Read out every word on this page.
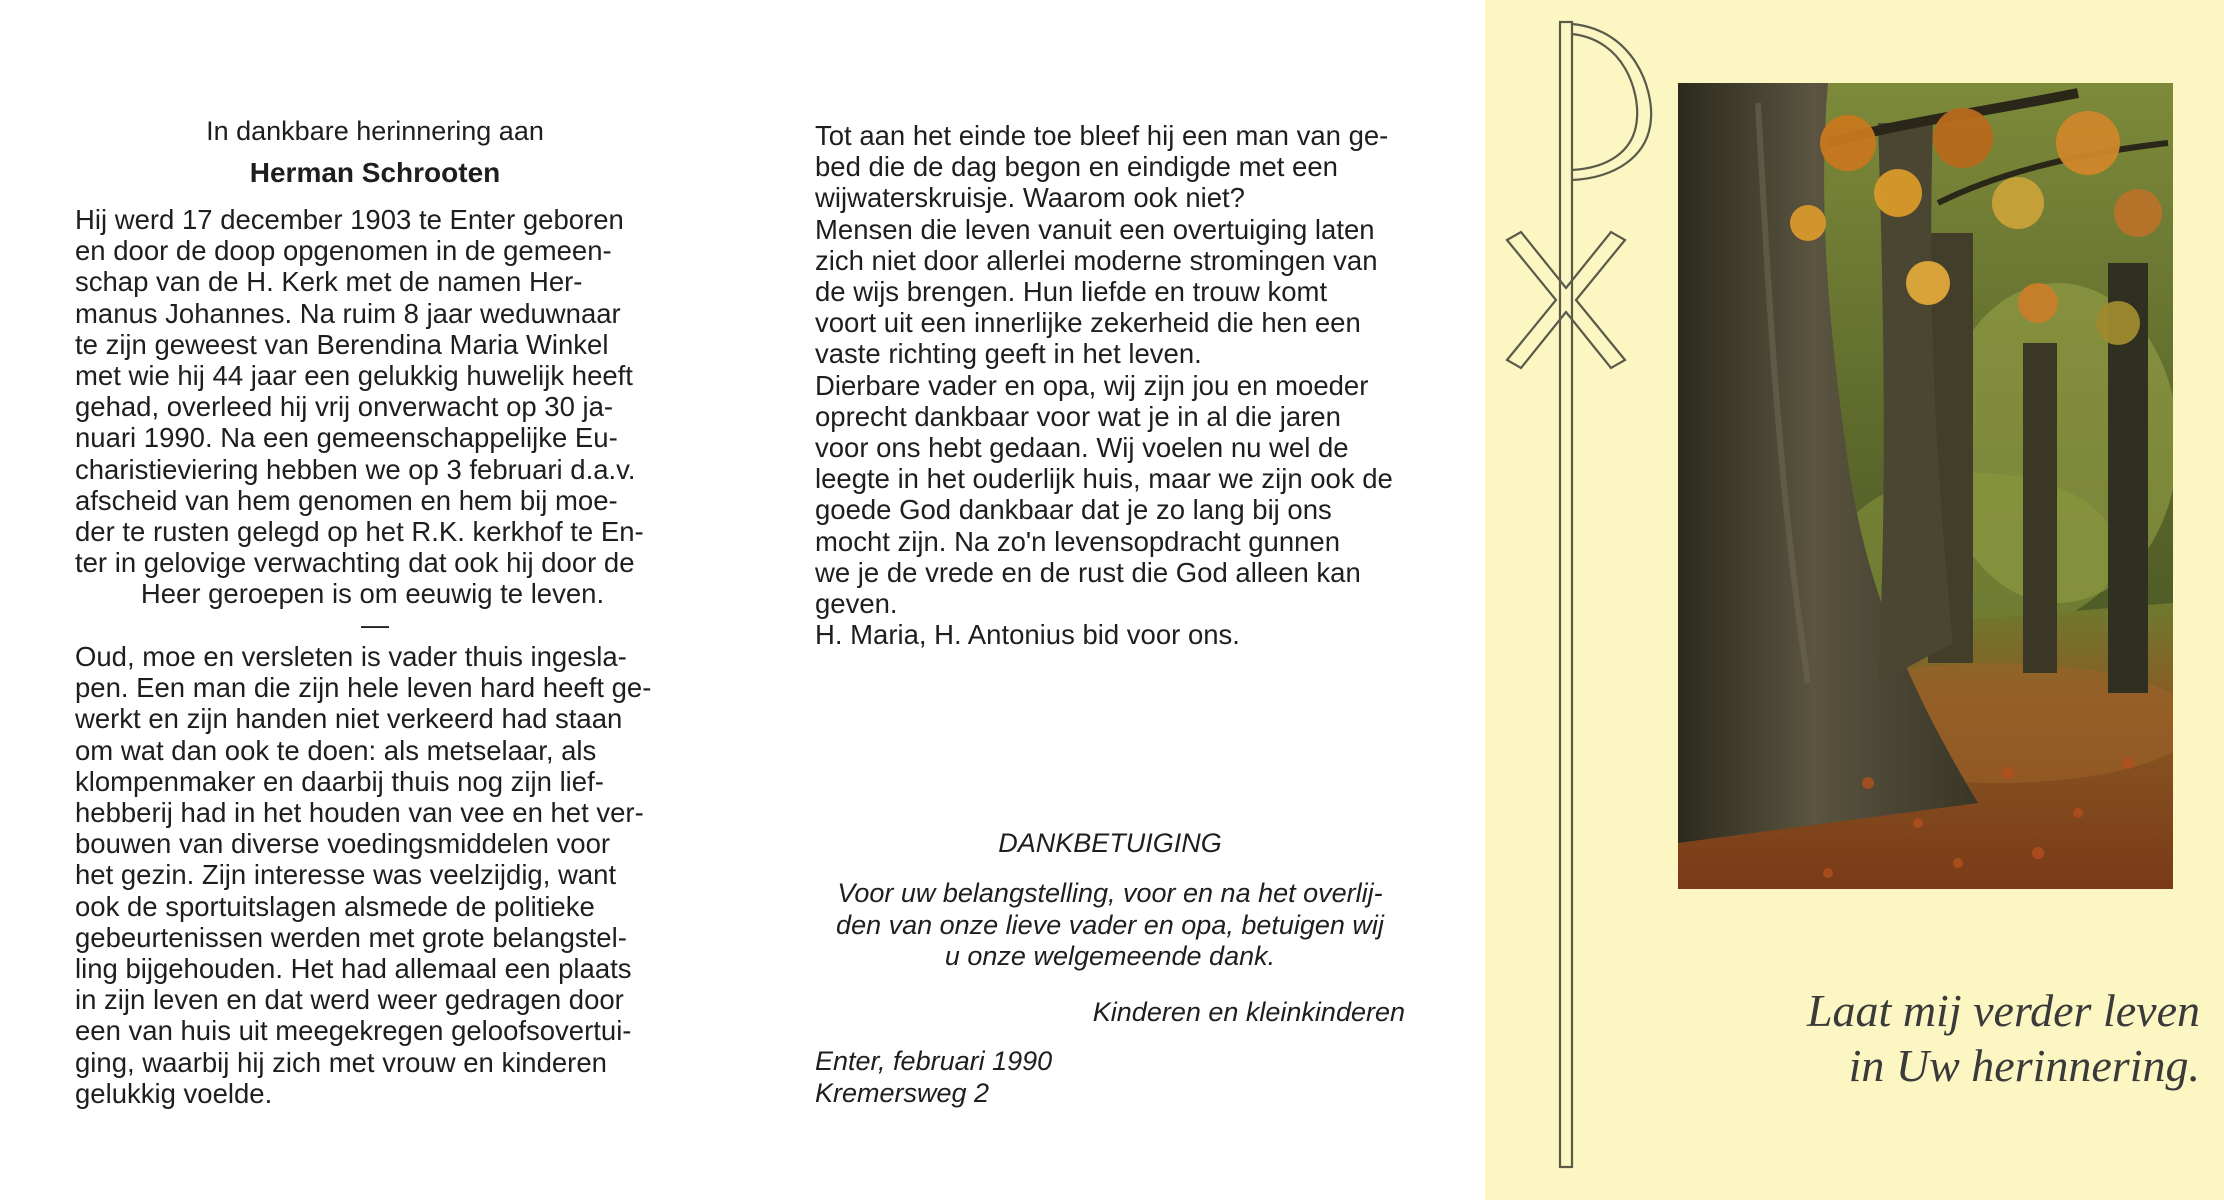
In dankbare herinnering aan
Herman Schrooten
Hij werd 17 december 1903 te Enter geboren
en door de doop opgenomen in de gemeen-
schap van de H. Kerk met de namen Her-
manus Johannes. Na ruim 8 jaar weduwnaar
te zijn geweest van Berendina Maria Winkel
met wie hij 44 jaar een gelukkig huwelijk heeft
gehad, overleed hij vrij onverwacht op 30 ja-
nuari 1990. Na een gemeenschappelijke Eu-
charistieviering hebben we op 3 februari d.a.v.
afscheid van hem genomen en hem bij moe-
der te rusten gelegd op het R.K. kerkhof te En-
ter in gelovige verwachting dat ook hij door de
Heer geroepen is om eeuwig te leven.
—
Oud, moe en versleten is vader thuis ingesla-
pen. Een man die zijn hele leven hard heeft ge-
werkt en zijn handen niet verkeerd had staan
om wat dan ook te doen: als metselaar, als
klompenmaker en daarbij thuis nog zijn lief-
hebberij had in het houden van vee en het ver-
bouwen van diverse voedingsmiddelen voor
het gezin. Zijn interesse was veelzijdig, want
ook de sportuitslagen alsmede de politieke
gebeurtenissen werden met grote belangstel-
ling bijgehouden. Het had allemaal een plaats
in zijn leven en dat werd weer gedragen door
een van huis uit meegekregen geloofsovertui-
ging, waarbij hij zich met vrouw en kinderen
gelukkig voelde.
Tot aan het einde toe bleef hij een man van ge-
bed die de dag begon en eindigde met een
wijwaterskruisje. Waarom ook niet?
Mensen die leven vanuit een overtuiging laten
zich niet door allerlei moderne stromingen van
de wijs brengen. Hun liefde en trouw komt
voort uit een innerlijke zekerheid die hen een
vaste richting geeft in het leven.
Dierbare vader en opa, wij zijn jou en moeder
oprecht dankbaar voor wat je in al die jaren
voor ons hebt gedaan. Wij voelen nu wel de
leegte in het ouderlijk huis, maar we zijn ook de
goede God dankbaar dat je zo lang bij ons
mocht zijn. Na zo'n levensopdracht gunnen
we je de vrede en de rust die God alleen kan
geven.
H. Maria, H. Antonius bid voor ons.
DANKBETUIGING
Voor uw belangstelling, voor en na het overlij-
den van onze lieve vader en opa, betuigen wij
u onze welgemeende dank.
Kinderen en kleinkinderen
Enter, februari 1990
Kremersweg 2
Laat mij verder leven
in Uw herinnering.
